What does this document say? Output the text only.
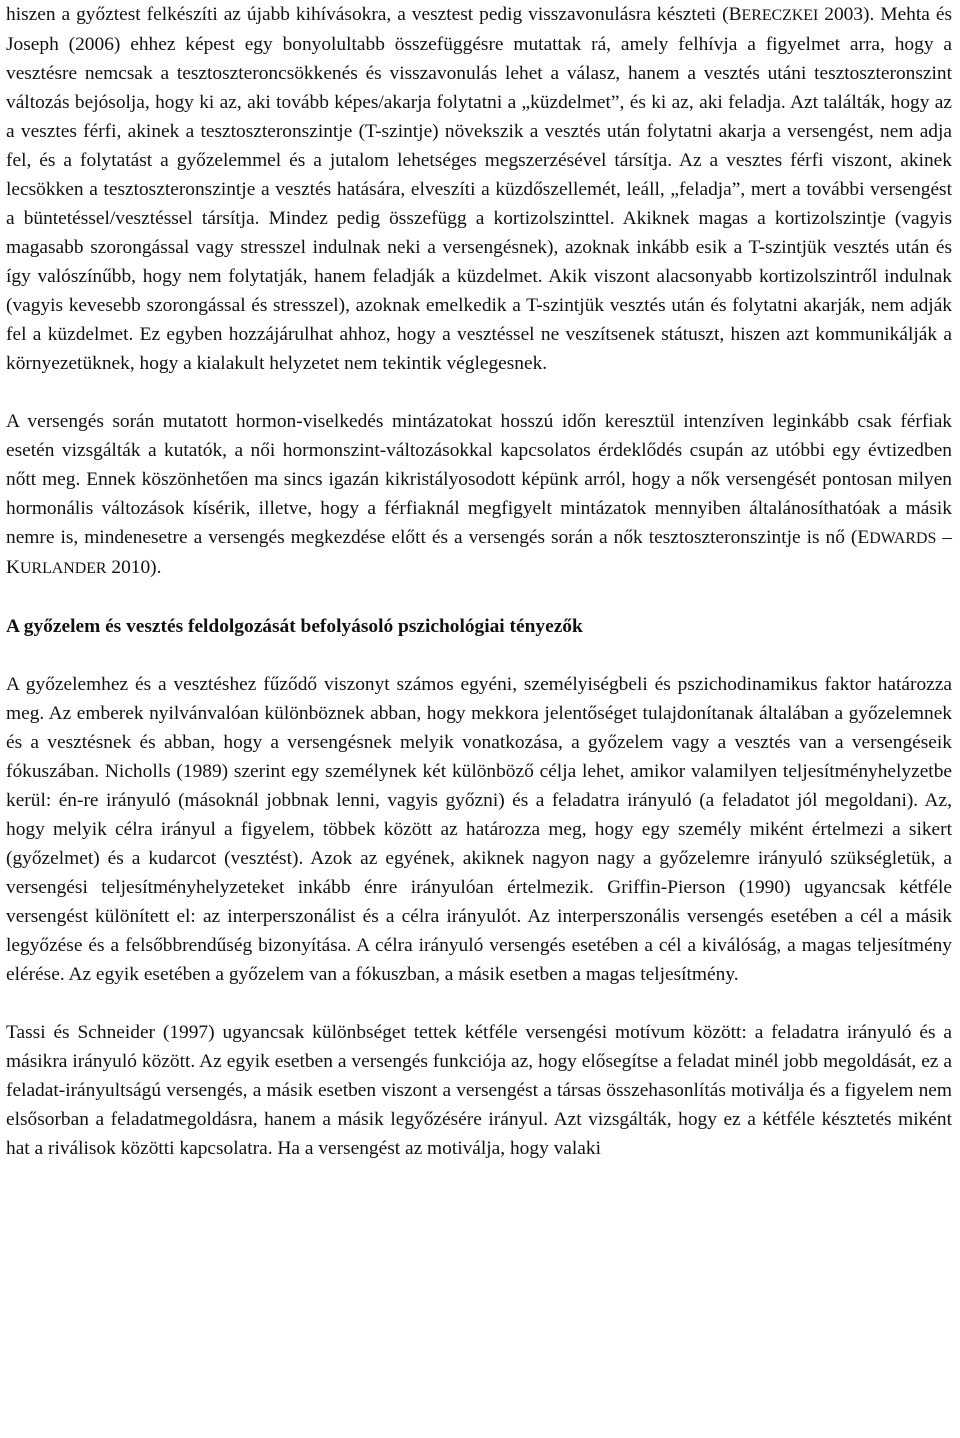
hiszen a győztest felkészíti az újabb kihívásokra, a vesztest pedig visszavonulásra készteti (BERECZKEI 2003). Mehta és Joseph (2006) ehhez képest egy bonyolultabb összefüggésre mutattak rá, amely felhívja a figyelmet arra, hogy a vesztésre nemcsak a tesztoszteroncsökkenés és visszavonulás lehet a válasz, hanem a vesztés utáni tesztoszteronszint változás bejósolja, hogy ki az, aki tovább képes/akarja folytatni a „küzdelmet”, és ki az, aki feladja. Azt találták, hogy az a vesztes férfi, akinek a tesztoszteronszintje (T-szintje) növekszik a vesztés után folytatni akarja a versengést, nem adja fel, és a folytatást a győzelemmel és a jutalom lehetséges megszerzésével társítja. Az a vesztes férfi viszont, akinek lecsökken a tesztoszteronszintje a vesztés hatására, elveszíti a küzdőszellemét, leáll, „feladja”, mert a további versengést a büntetéssel/vesztéssel társítja. Mindez pedig összefügg a kortizolszinttel. Akiknek magas a kortizolszintje (vagyis magasabb szorongással vagy stresszel indulnak neki a versengésnek), azoknak inkább esik a T-szintjük vesztés után és így valószínűbb, hogy nem folytatják, hanem feladják a küzdelmet. Akik viszont alacsonyabb kortizolszintről indulnak (vagyis kevesebb szorongással és stresszel), azoknak emelkedik a T-szintjük vesztés után és folytatni akarják, nem adják fel a küzdelmet. Ez egyben hozzájárulhat ahhoz, hogy a vesztéssel ne veszítsenek státuszt, hiszen azt kommunikálják a környezetüknek, hogy a kialakult helyzetet nem tekintik véglegesnek.

A versengés során mutatott hormon-viselkedés mintázatokat hosszú időn keresztül intenzíven leginkább csak férfiak esetén vizsgálták a kutatók, a női hormonszint-változásokkal kapcsolatos érdeklődés csupán az utóbbi egy évtizedben nőtt meg. Ennek köszönhetően ma sincs igazán kikristályosodott képünk arról, hogy a nők versengését pontosan milyen hormonális változások kísérik, illetve, hogy a férfiaknál megfigyelt mintázatok mennyiben általánosíthatóak a másik nemre is, mindenesetre a versengés megkezdése előtt és a versengés során a nők tesztoszteronszintje is nő (EDWARDS – KURLANDER 2010).

A győzelem és vesztés feldolgozását befolyásoló pszichológiai tényezők

A győzelemhez és a vesztéshez fűződő viszonyt számos egyéni, személyiségbeli és pszichodinamikus faktor határozza meg. Az emberek nyilvánvalóan különböznek abban, hogy mekkora jelentőséget tulajdonítanak általában a győzelemnek és a vesztésnek és abban, hogy a versengésnek melyik vonatkozása, a győzelem vagy a vesztés van a versengéseik fókuszában. Nicholls (1989) szerint egy személynek két különböző célja lehet, amikor valamilyen teljesítményhelyzetbe kerül: én-re irányuló (másoknál jobbnak lenni, vagyis győzni) és a feladatra irányuló (a feladatot jól megoldani). Az, hogy melyik célra irányul a figyelem, többek között az határozza meg, hogy egy személy miként értelmezi a sikert (győzelmet) és a kudarcot (vesztést). Azok az egyének, akiknek nagyon nagy a győzelemre irányuló szükségletük, a versengési teljesítményhelyzeteket inkább énre irányulóan értelmezik. Griffin-Pierson (1990) ugyancsak kétféle versengést különített el: az interperszonálist és a célra irányulót. Az interperszonális versengés esetében a cél a másik legyőzése és a felsőbbrendűség bizonyítása. A célra irányuló versengés esetében a cél a kiválóság, a magas teljesítmény elérése. Az egyik esetében a győzelem van a fókuszban, a másik esetben a magas teljesítmény.

Tassi és Schneider (1997) ugyancsak különbséget tettek kétféle versengési motívum között: a feladatra irányuló és a másikra irányuló között. Az egyik esetben a versengés funkciója az, hogy elősegítse a feladat minél jobb megoldását, ez a feladat-irányultságú versengés, a másik esetben viszont a versengést a társas összehasonlítás motiválja és a figyelem nem elsősorban a feladatmegoldásra, hanem a másik legyőzésére irányul. Azt vizsgálták, hogy ez a kétféle késztetés miként hat a riválisok közötti kapcsolatra. Ha a versengést az motiválja, hogy valaki
